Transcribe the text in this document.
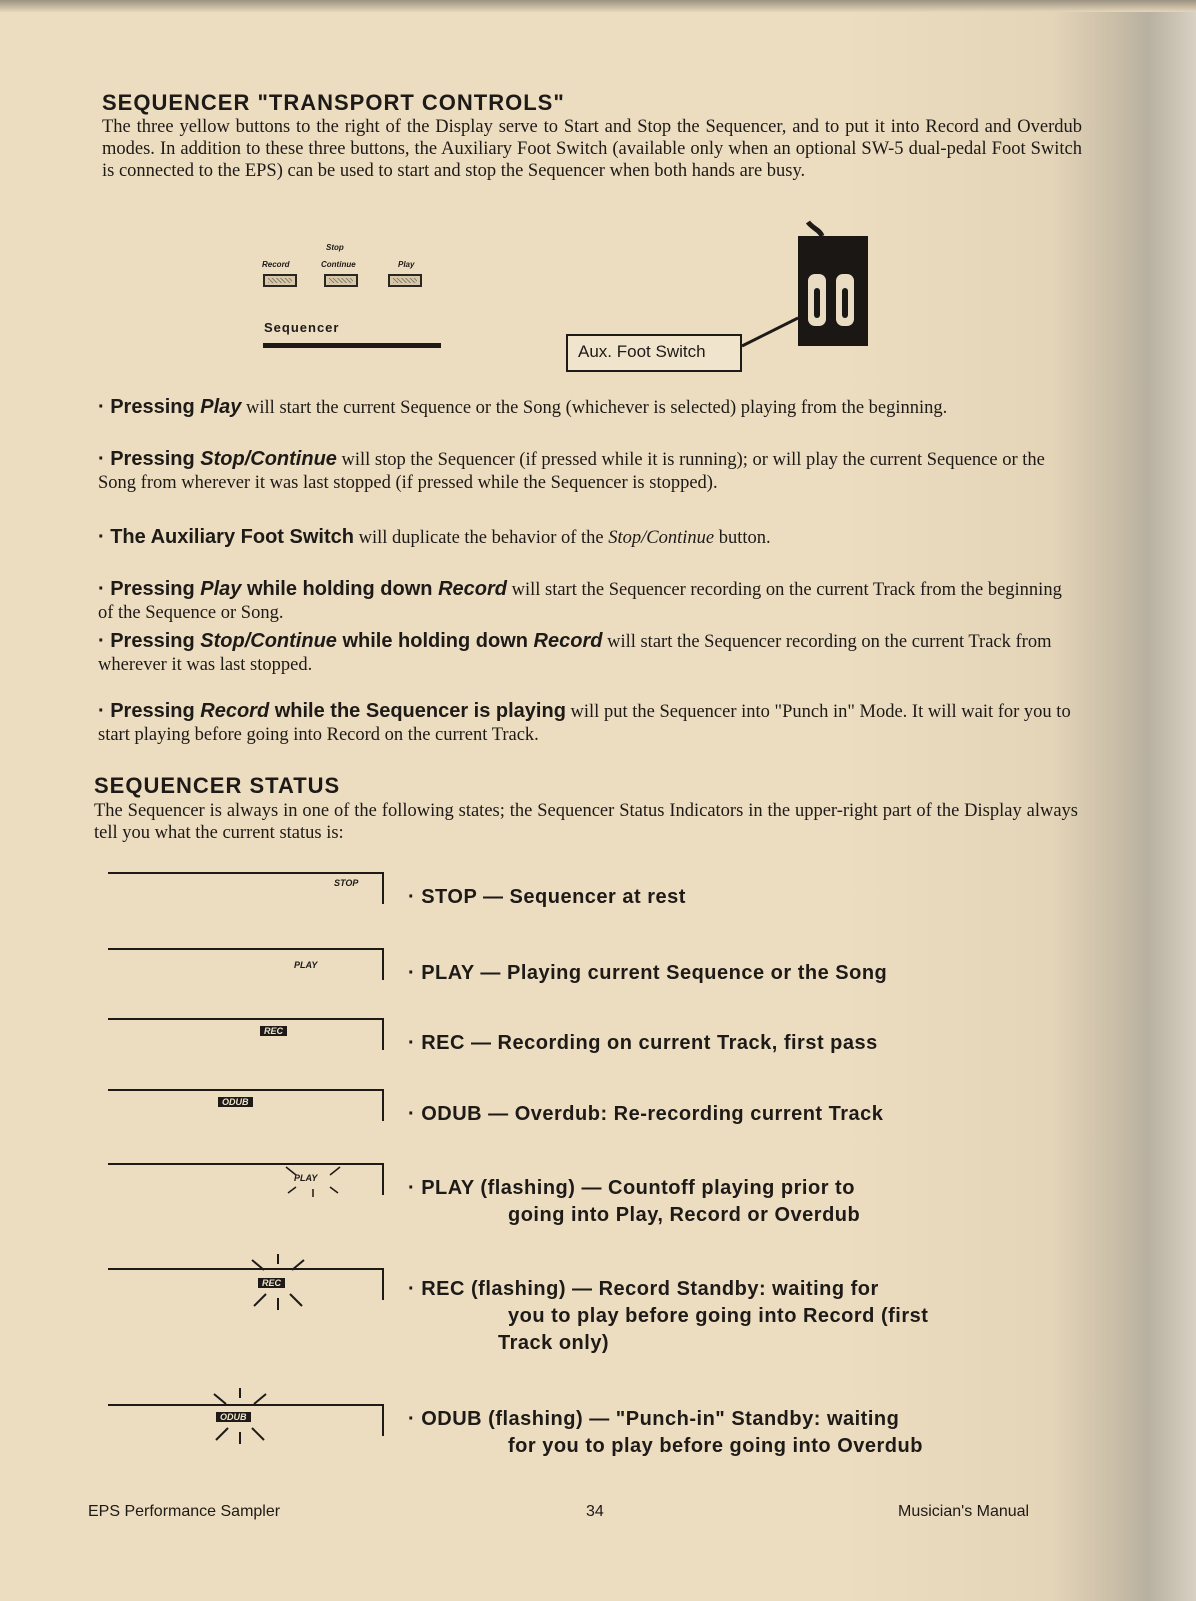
SEQUENCER "TRANSPORT CONTROLS"

The three yellow buttons to the right of the Display serve to Start and Stop the Sequencer, and to put it into Record and Overdub modes. In addition to these three buttons, the Auxiliary Foot Switch (available only when an optional SW-5 dual-pedal Foot Switch is connected to the EPS) can be used to start and stop the Sequencer when both hands are busy.

Record
Stop
Continue	Play
Sequencer
Aux. Foot Switch

· Pressing Play will start the current Sequence or the Song (whichever is selected) playing from the beginning.

· Pressing Stop/Continue will stop the Sequencer (if pressed while it is running); or will play the current Sequence or the Song from wherever it was last stopped (if pressed while the Sequencer is stopped).

· The Auxiliary Foot Switch will duplicate the behavior of the Stop/Continue button.

· Pressing Play while holding down Record will start the Sequencer recording on the current Track from the beginning of the Sequence or Song.

· Pressing Stop/Continue while holding down Record will start the Sequencer recording on the current Track from wherever it was last stopped.

· Pressing Record while the Sequencer is playing will put the Sequencer into "Punch in" Mode. It will wait for you to start playing before going into Record on the current Track.

SEQUENCER STATUS

The Sequencer is always in one of the following states; the Sequencer Status Indicators in the upper-right part of the Display always tell you what the current status is:

STOP
· STOP — Sequencer at rest
PLAY	· PLAY — Playing current Sequence or the Song
REC
· REC — Recording on current Track, first pass
ODUB
· ODUB — Overdub: Re-recording current Track
PLAY	· PLAY (flashing) — Countoff playing prior to
going into Play, Record or Overdub
REC	· REC (flashing) — Record Standby: waiting for
you to play before going into Record (first
Track only)
ODUB	· ODUB (flashing) — "Punch-in" Standby: waiting
for you to play before going into Overdub
EPS Performance Sampler	34	Musician's Manual
